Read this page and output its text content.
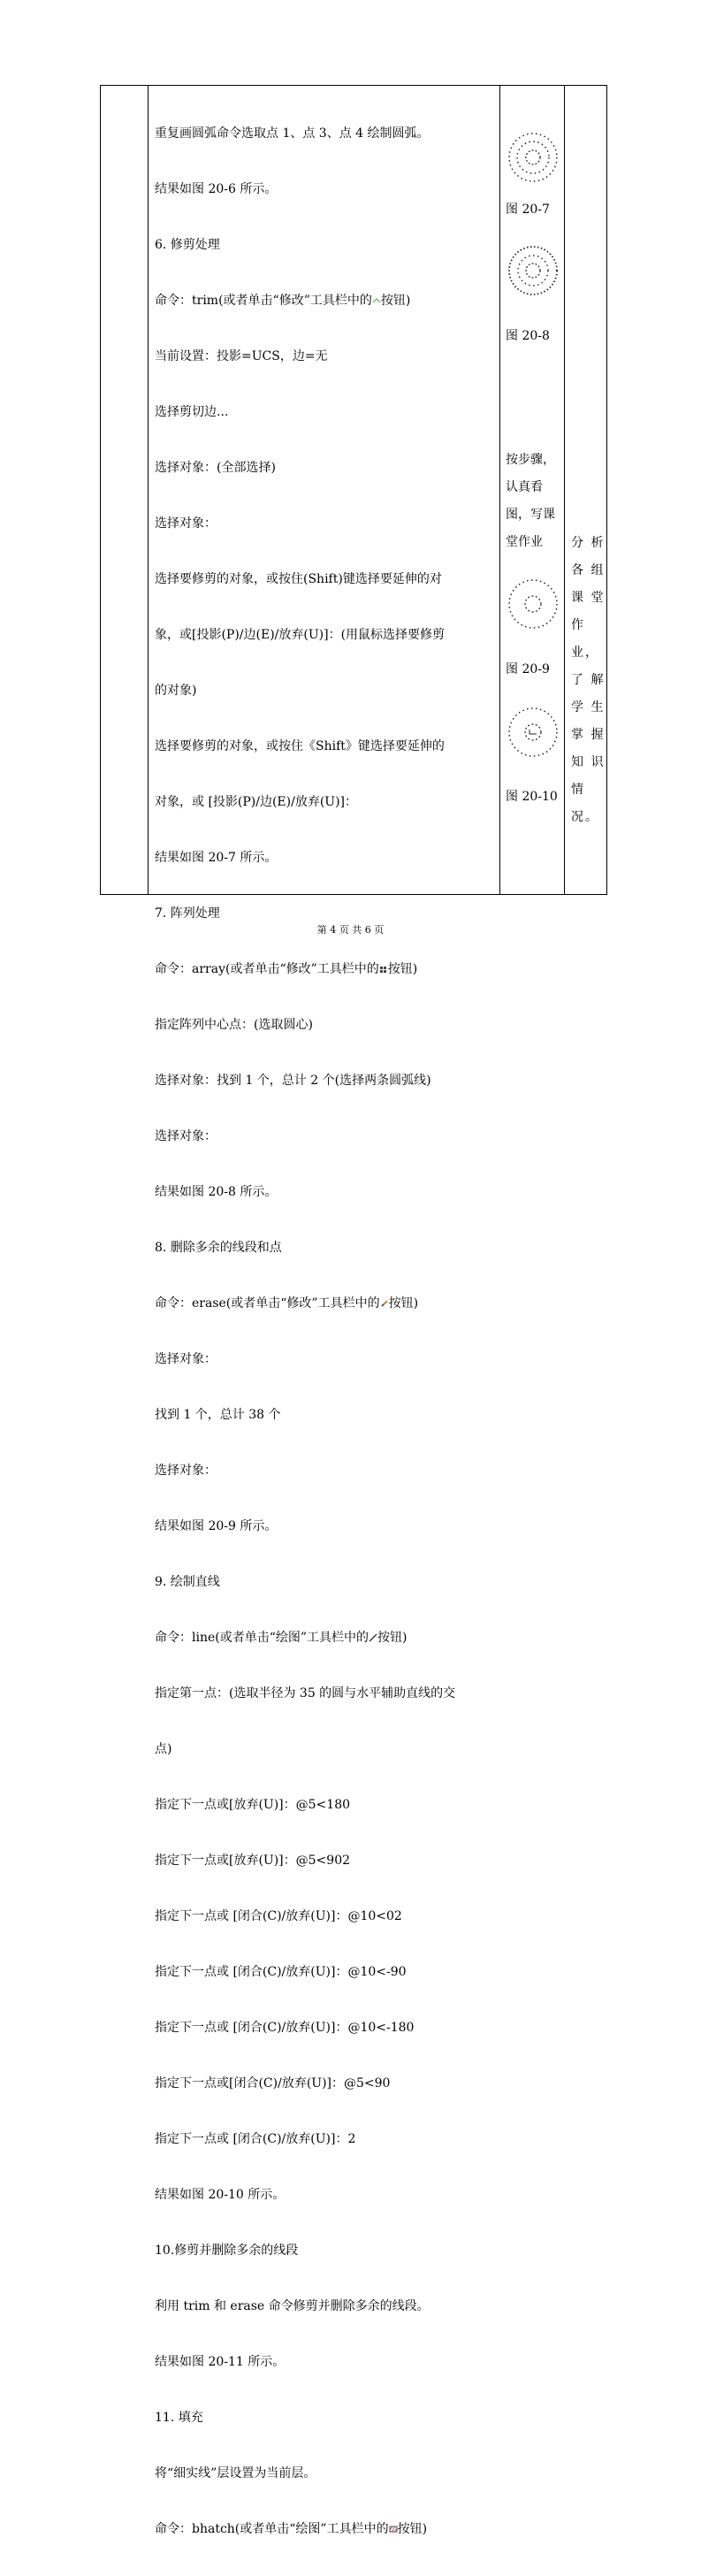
重复画圆弧命令选取点 1、点 3、点 4 绘制圆弧。

结果如图 20-6 所示。

6. 修剪处理

命令：trim(或者单击“修改”工具栏中的 按钮)

当前设置：投影=UCS，边=无

选择剪切边...

选择对象：(全部选择)

选择对象：

选择要修剪的对象，或按住(Shift)键选择要延伸的对

象，或[投影(P)/边(E)/放弃(U)]：(用鼠标选择要修剪

的对象)

选择要修剪的对象，或按住《Shift》键选择要延伸的

对象，或 [投影(P)/边(E)/放弃(U)]：

结果如图 20-7 所示。

7. 阵列处理

命令：array(或者单击“修改”工具栏中的 按钮)

指定阵列中心点：(选取圆心)

选择对象：找到 1 个，总计 2 个(选择两条圆弧线)

选择对象：

结果如图 20-8 所示。

8. 删除多余的线段和点

命令：erase(或者单击“修改”工具栏中的 按钮)

选择对象：

找到 1 个，总计 38 个

选择对象：

结果如图 20-9 所示。

9. 绘制直线

命令：line(或者单击“绘图”工具栏中的 按钮)

指定第一点：(选取半径为 35 的圆与水平辅助直线的交

点)

指定下一点或[放弃(U)]：@5<180

指定下一点或[放弃(U)]：@5<902

指定下一点或 [闭合(C)/放弃(U)]：@10<02

指定下一点或 [闭合(C)/放弃(U)]：@10<-90

指定下一点或 [闭合(C)/放弃(U)]：@10<-180

指定下一点或[闭合(C)/放弃(U)]：@5<90

指定下一点或 [闭合(C)/放弃(U)]：2

结果如图 20-10 所示。

10.修剪并删除多余的线段

利用 trim 和 erase 命令修剪并删除多余的线段。

结果如图 20-11 所示。

11. 填充

将“细实线”层设置为当前层。

命令：bhatch(或者单击“绘图”工具栏中的 按钮)

图 20-7
图 20-8
按步骤，
认真看
图，写课
堂作业
图 20-9
图 20-10
分 析
各 组
课 堂
作
业，
了 解
学 生
掌 握
知 识
情
况。
第 4 页 共 6 页
